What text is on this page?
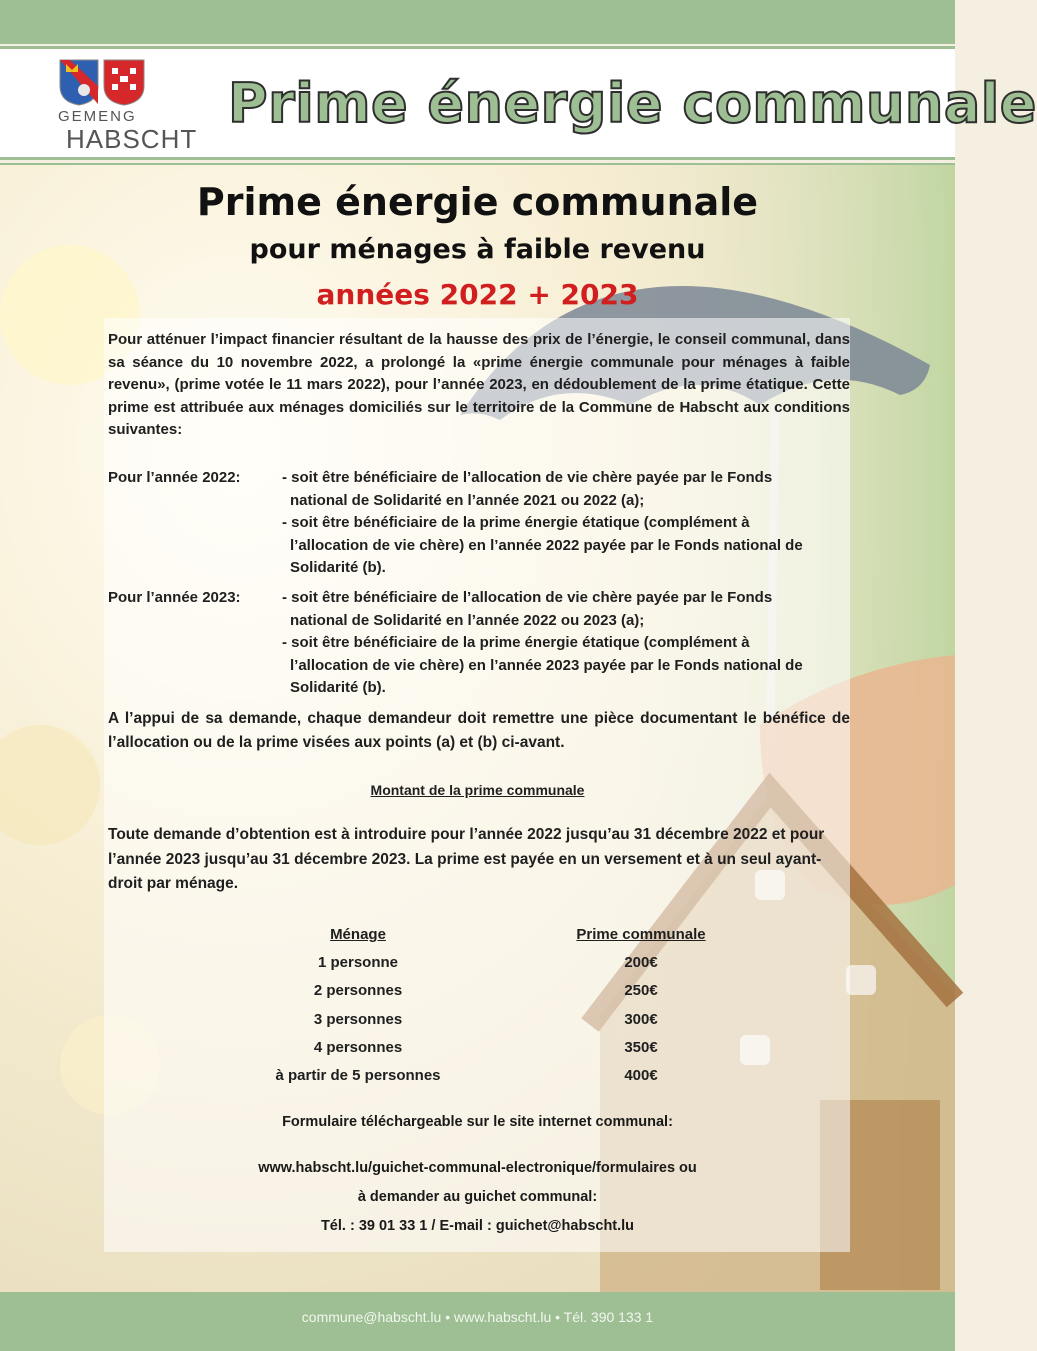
GEMENG
HABSCHT
Prime énergie communale
Prime énergie communale
pour ménages à faible revenu
années 2022 + 2023

Pour atténuer l’impact financier résultant de la hausse des prix de l’énergie, le conseil communal, dans sa séance du 10 novembre 2022, a prolongé la «prime énergie communale pour ménages à faible revenu», (prime votée le 11 mars 2022), pour l’année 2023, en dédoublement de la prime étatique. Cette prime est attribuée aux ménages domiciliés sur le territoire de la Commune de Habscht aux conditions suivantes:

Pour l’année 2022:	- soit être bénéficiaire de l’allocation de vie chère payée par le Fonds national de Solidarité en l’année 2021 ou 2022 (a);
- soit être bénéficiaire de la prime énergie étatique (complément à l’allocation de vie chère) en l’année 2022 payée par le Fonds national de Solidarité (b).
Pour l’année 2023:	- soit être bénéficiaire de l’allocation de vie chère payée par le Fonds national de Solidarité en l’année 2022 ou 2023 (a);
- soit être bénéficiaire de la prime énergie étatique (complément à l’allocation de vie chère) en l’année 2023 payée par le Fonds national de Solidarité (b).

A l’appui de sa demande, chaque demandeur doit remettre une pièce documentant le bénéfice de l’allocation ou de la prime visées aux points (a) et (b) ci-avant.

Montant de la prime communale

Toute demande d’obtention est à introduire pour l’année 2022 jusqu’au 31 décembre 2022 et pour l’année 2023 jusqu’au 31 décembre 2023. La prime est payée en un versement et à un seul ayant-droit par ménage.

Ménage	Prime communale
1 personne	200€
2 personnes	250€
3 personnes	300€
4 personnes	350€
à partir de 5 personnes	400€
Formulaire téléchargeable sur le site internet communal:
www.habscht.lu/guichet-communal-electronique/formulaires ou
à demander au guichet communal:
Tél. : 39 01 33 1 / E-mail : guichet@habscht.lu
commune@habscht.lu • www.habscht.lu • Tél. 390 133 1
